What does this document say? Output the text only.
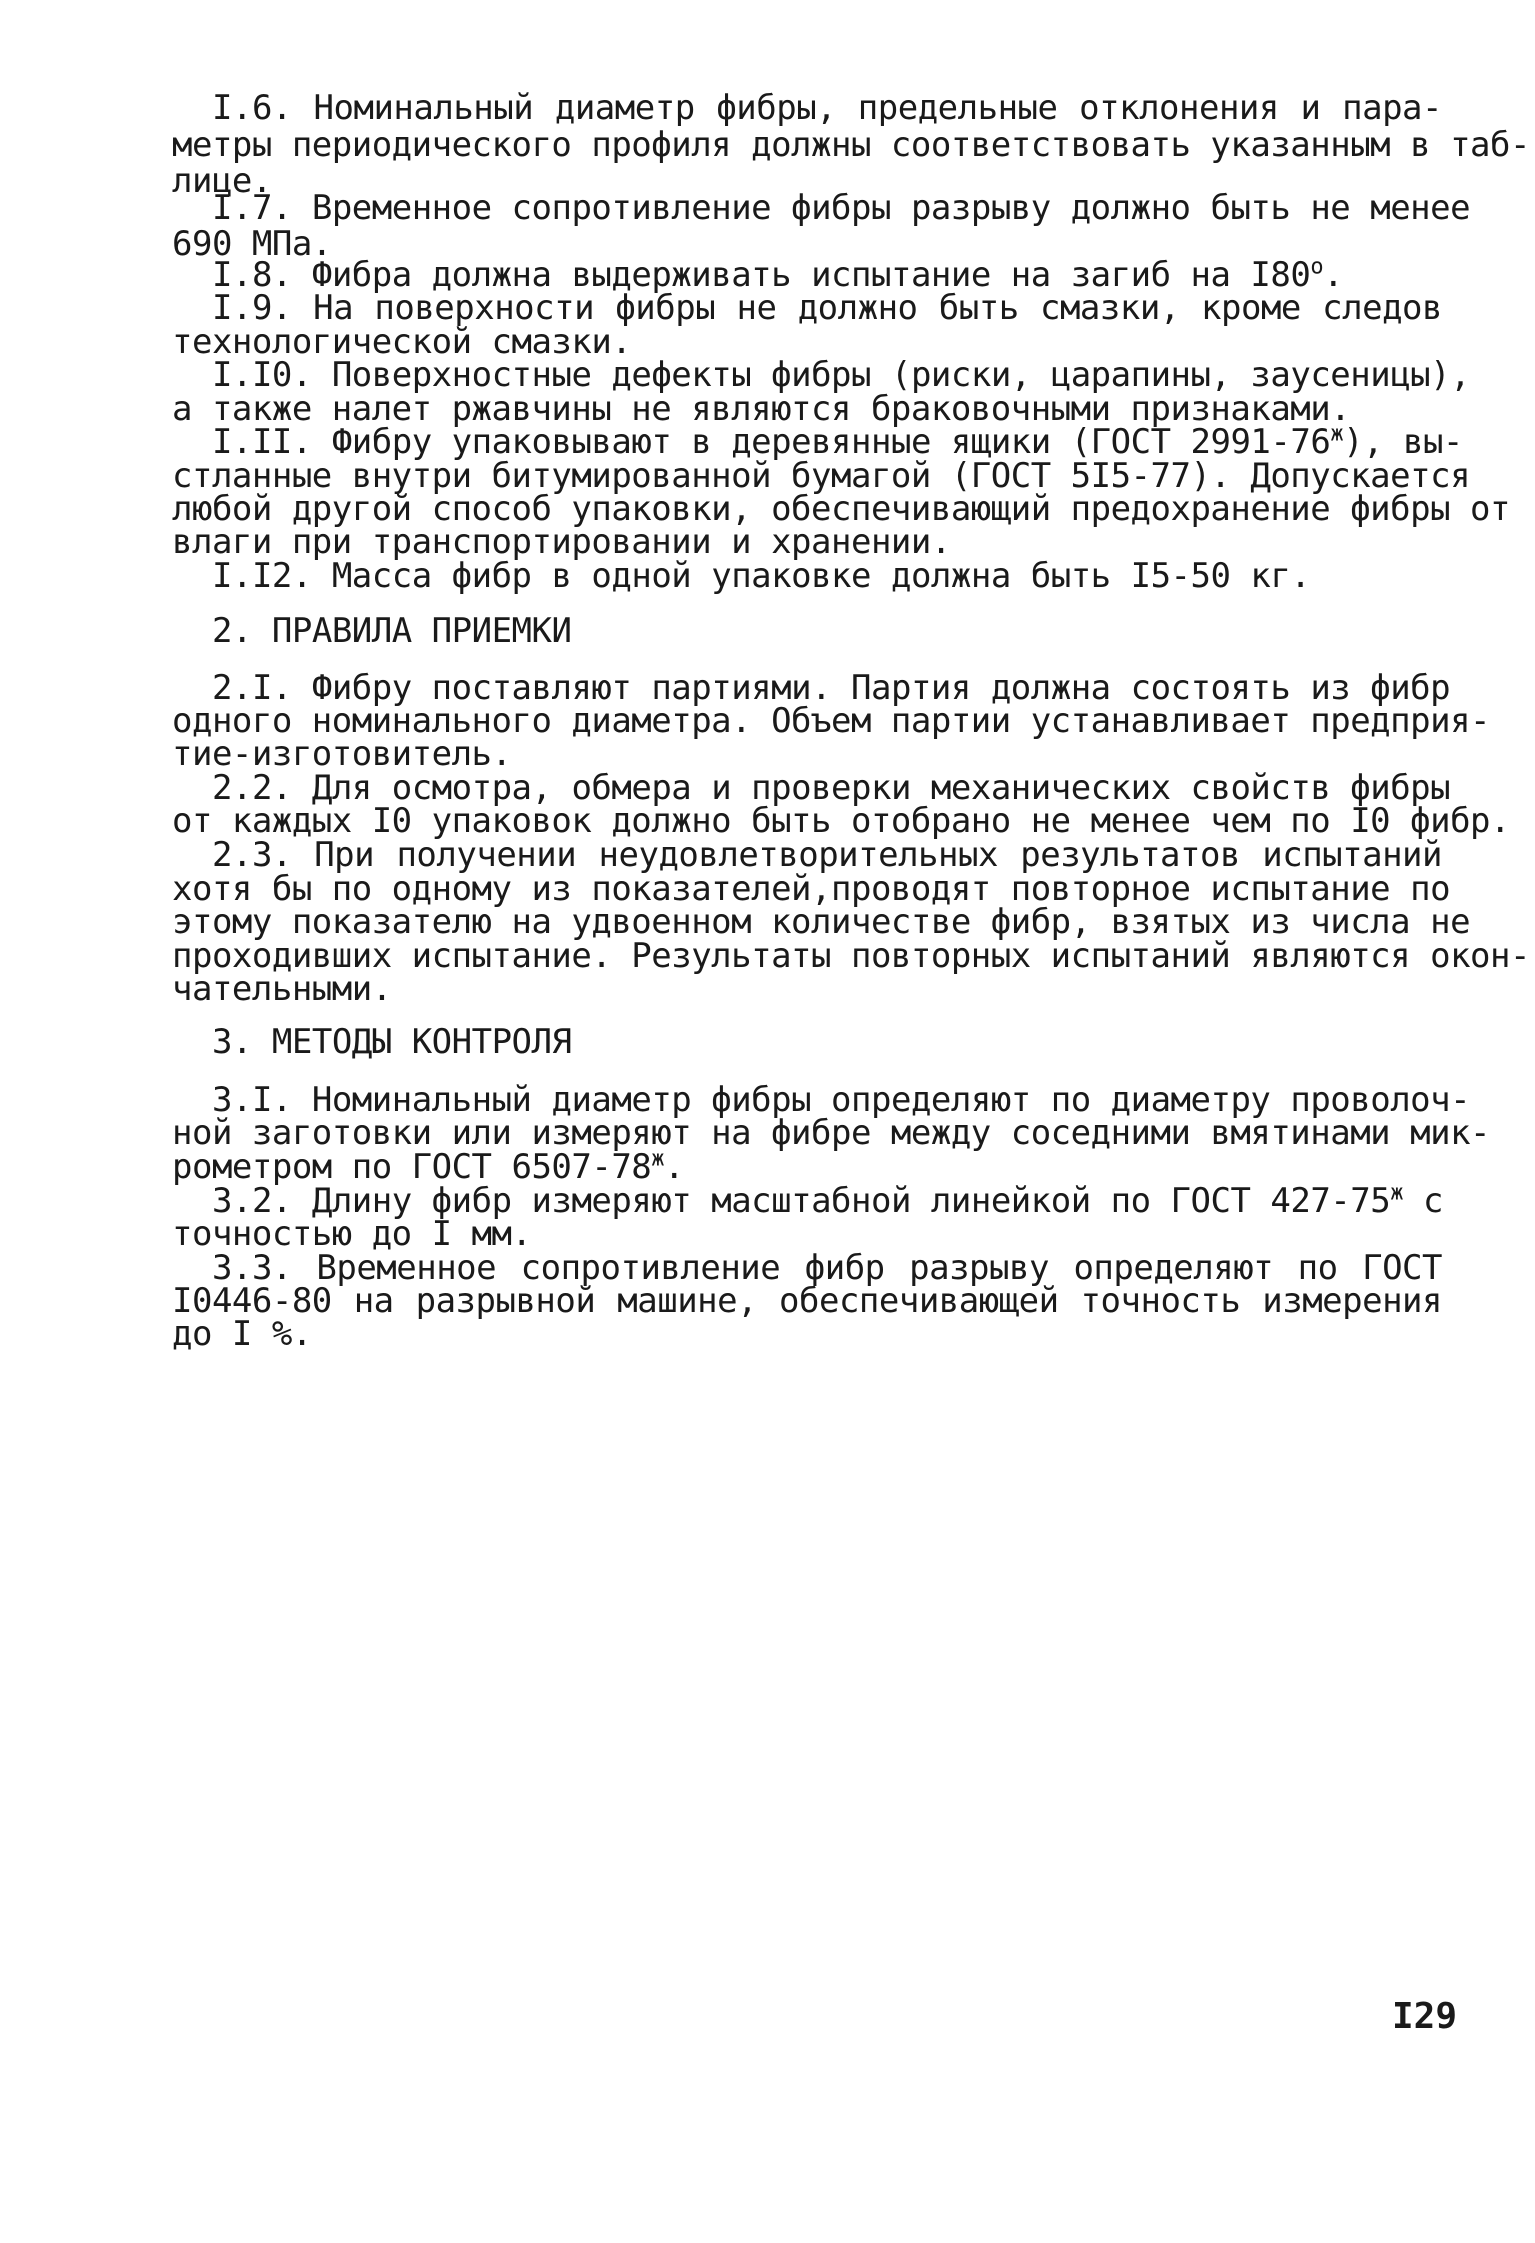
I.6. Номинальный диаметр фибры, предельные отклонения и пара-
метры периодического профиля должны соответствовать указанным в таб-
лице.
I.7. Временное сопротивление фибры разрыву должно быть не менее
690 МПа.
I.8. Фибра должна выдерживать испытание на загиб на $I80^о$.
I.9. На поверхности фибры не должно быть смазки, кроме следов
технологической смазки.
I.I0. Поверхностные дефекты фибры (риски, царапины, заусеницы),
а также налет ржавчины не являются браковочными признаками.
I.II. Фибру упаковывают в деревянные ящики (ГОСТ $2991-76^ж$), вы-
стланные внутри битумированной бумагой (ГОСТ 5I5-77). Допускается
любой другой способ упаковки, обеспечивающий предохранение фибры от
влаги при транспортировании и хранении.
I.I2. Масса фибр в одной упаковке должна быть I5-50 кг.
2. ПРАВИЛА ПРИЕМКИ
2.I. Фибру поставляют партиями. Партия должна состоять из фибр
одного номинального диаметра. Объем партии устанавливает предприя-
тие-изготовитель.
2.2. Для осмотра, обмера и проверки механических свойств фибры
от каждых I0 упаковок должно быть отобрано не менее чем по I0 фибр.
2.3. При получении неудовлетворительных результатов испытаний
хотя бы по одному из показателей,проводят повторное испытание по
этому показателю на удвоенном количестве фибр, взятых из числа не
проходивших испытание. Результаты повторных испытаний являются окон-
чательными.
3. МЕТОДЫ КОНТРОЛЯ
3.I. Номинальный диаметр фибры определяют по диаметру проволоч-
ной заготовки или измеряют на фибре между соседними вмятинами мик-
рометром по ГОСТ $6507-78^ж$.
3.2. Длину фибр измеряют масштабной линейкой по ГОСТ $427-75^ж$ с
точностью до I мм.
3.3. Временное сопротивление фибр разрыву определяют по ГОСТ
I0446-80 на разрывной машине, обеспечивающей точность измерения
до I %.
I29
